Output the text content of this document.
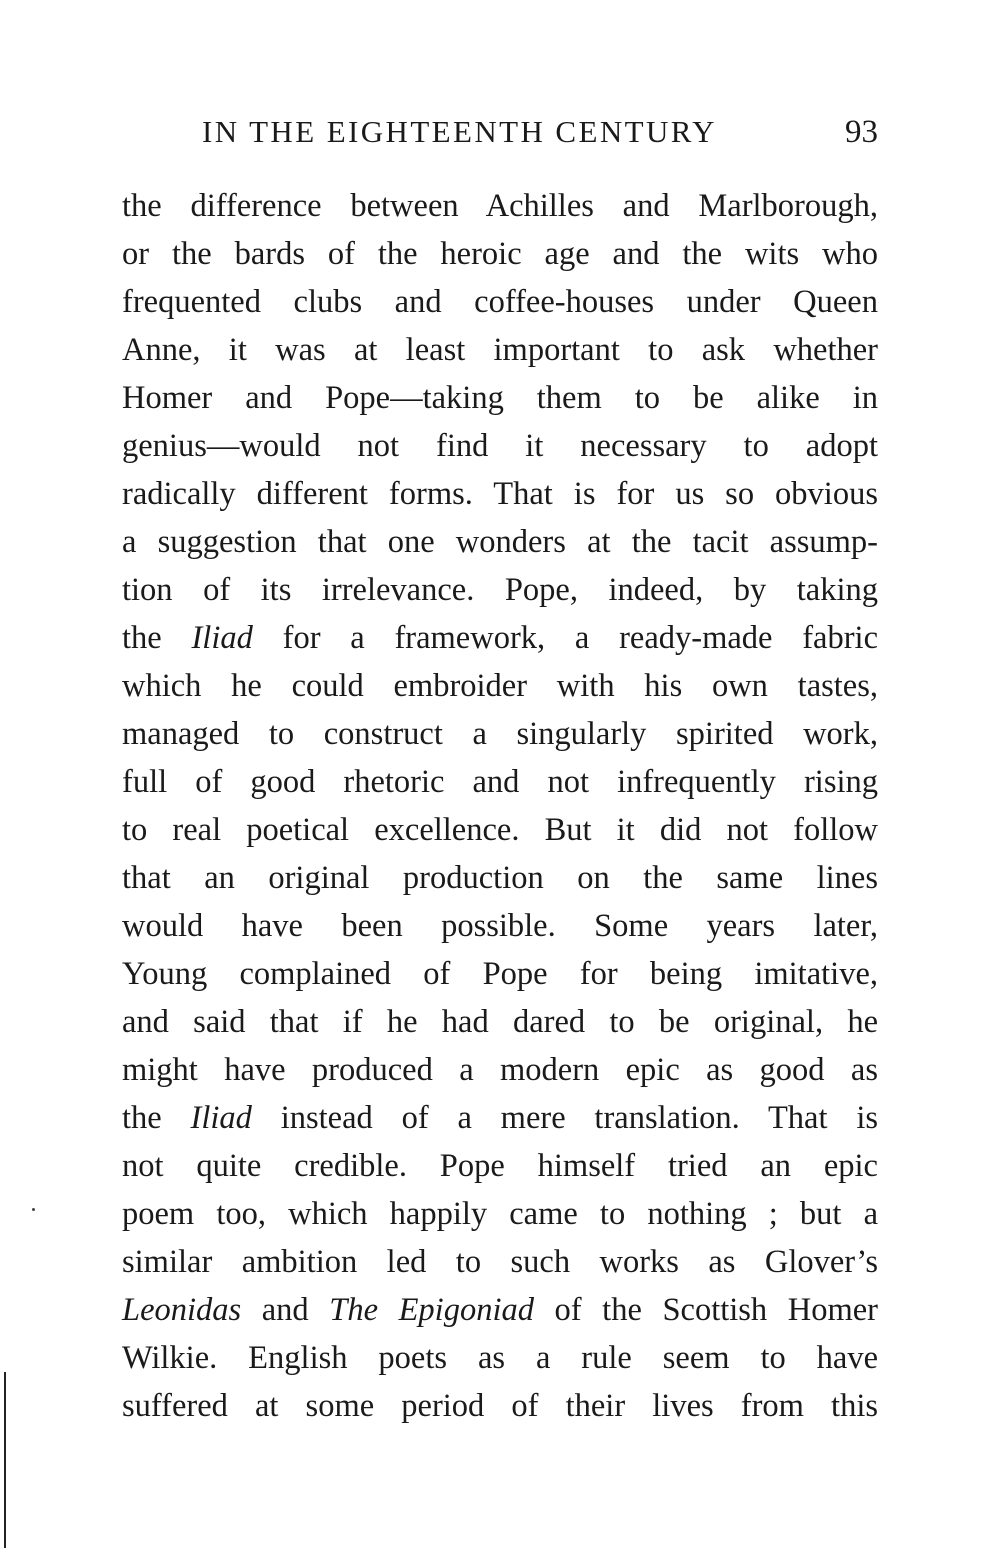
IN THE EIGHTEENTH CENTURY	93
the difference between Achilles and Marlborough,
or the bards of the heroic age and the wits who
frequented clubs and coffee-houses under Queen
Anne, it was at least important to ask whether
Homer and Pope—taking them to be alike in
genius—would not find it necessary to adopt
radically different forms. That is for us so obvious
a suggestion that one wonders at the tacit assump-
tion of its irrelevance. Pope, indeed, by taking
the Iliad for a framework, a ready-made fabric
which he could embroider with his own tastes,
managed to construct a singularly spirited work,
full of good rhetoric and not infrequently rising
to real poetical excellence. But it did not follow
that an original production on the same lines
would have been possible. Some years later,
Young complained of Pope for being imitative,
and said that if he had dared to be original, he
might have produced a modern epic as good as
the Iliad instead of a mere translation. That is
not quite credible. Pope himself tried an epic
poem too, which happily came to nothing ; but a
similar ambition led to such works as Glover’s
Leonidas and The Epigoniad of the Scottish Homer
Wilkie. English poets as a rule seem to have
suffered at some period of their lives from this
